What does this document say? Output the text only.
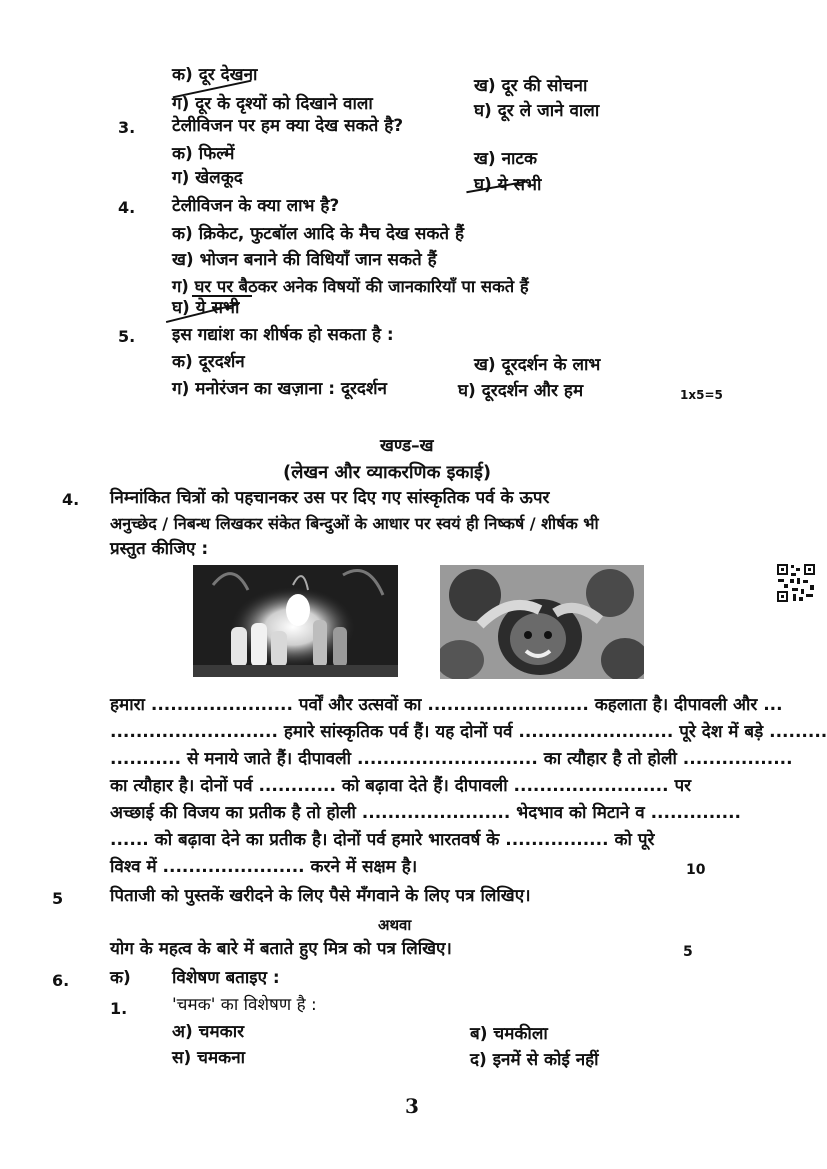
क) दूर देखना
ख) दूर की सोचना
ग) दूर के दृश्यों को दिखाने वाला	घ) दूर ले जाने वाला
3. टेलीविजन पर हम क्या देख सकते है?
क) फिल्में	ख) नाटक
ग) खेलकूद	घ) ये सभी
4. टेलीविजन के क्या लाभ है?
क) क्रिकेट, फुटबॉल आदि के मैच देख सकते हैं
ख) भोजन बनाने की विधियाँ जान सकते हैं
ग) घर पर बैठकर अनेक विषयों की जानकारियाँ पा सकते हैं
घ) ये सभी
5. इस गद्यांश का शीर्षक हो सकता है :
क) दूरदर्शन	ख) दूरदर्शन के लाभ
ग) मनोरंजन का खज़ाना : दूरदर्शन	घ) दूरदर्शन और हम	1x5=5
खण्ड–ख
(लेखन और व्याकरणिक इकाई)
4. निम्नांकित चित्रों को पहचानकर उस पर दिए गए सांस्कृतिक पर्व के ऊपर
अनुच्छेद / निबन्ध लिखकर संकेत बिन्दुओं के आधार पर स्वयं ही निष्कर्ष / शीर्षक भी
प्रस्तुत कीजिए :
हमारा ...................... पर्वों और उत्सवों का ......................... कहलाता है। दीपावली और ...
.......................... हमारे सांस्कृतिक पर्व हैं। यह दोनों पर्व ........................ पूरे देश में बड़े .........
........... से मनाये जाते हैं। दीपावली ............................ का त्यौहार है तो होली .................
का त्यौहार है। दोनों पर्व ............ को बढ़ावा देते हैं। दीपावली ........................ पर
अच्छाई की विजय का प्रतीक है तो होली ....................... भेदभाव को मिटाने व ..............
...... को बढ़ावा देने का प्रतीक है। दोनों पर्व हमारे भारतवर्ष के ................ को पूरे
विश्व में ...................... करने में सक्षम है।	10
5	पिताजी को पुस्तकें खरीदने के लिए पैसे मँगवाने के लिए पत्र लिखिए।
अथवा
योग के महत्व के बारे में बताते हुए मित्र को पत्र लिखिए।	5
6. क) विशेषण बताइए :
1.	'चमक' का विशेषण है :
अ) चमकार	ब) चमकीला
स) चमकना	द) इनमें से कोई नहीं
3
